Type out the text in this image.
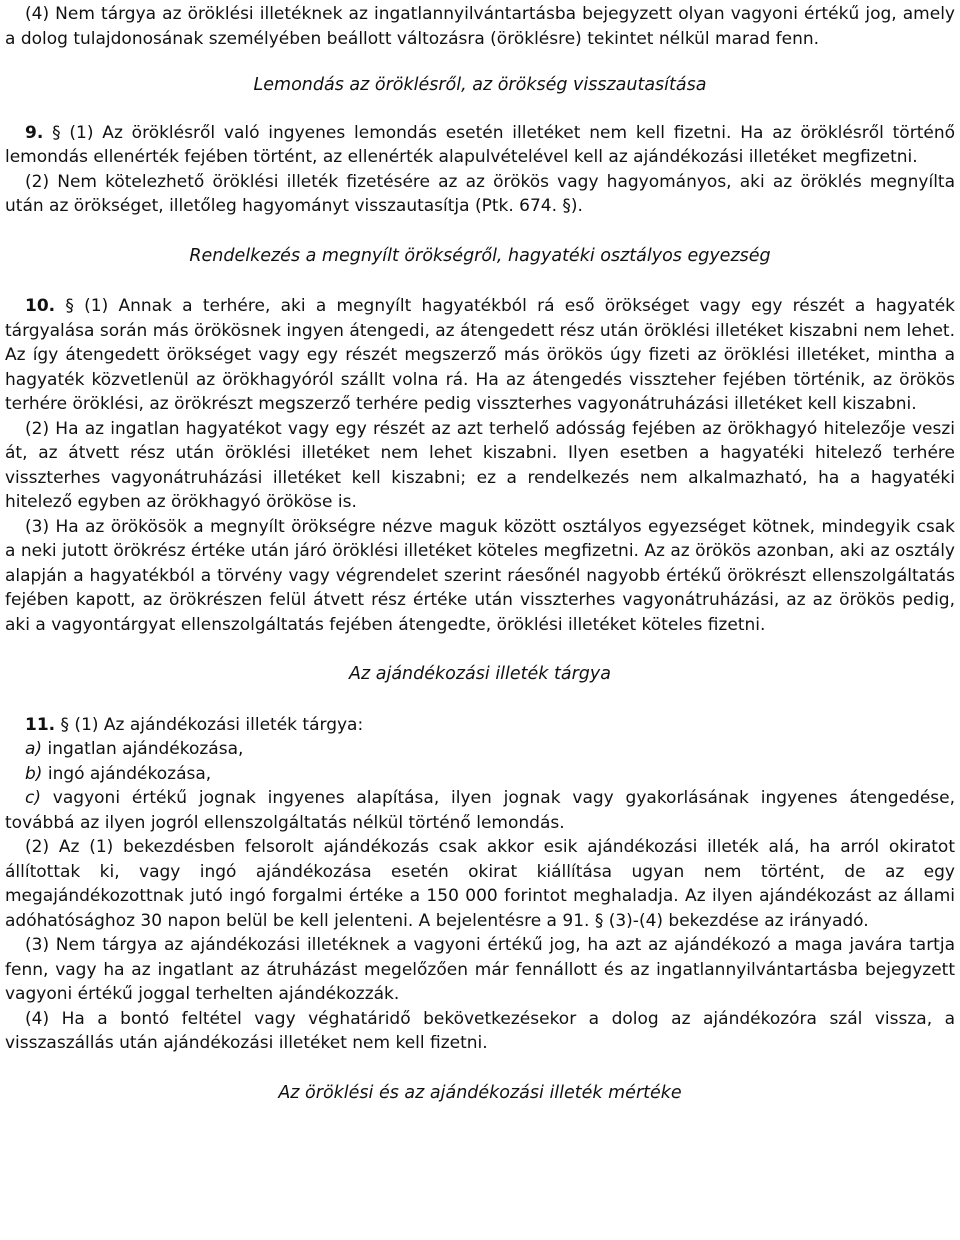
(4) Nem tárgya az öröklési illetéknek az ingatlannyilvántartásba bejegyzett olyan vagyoni értékű jog, amely a dolog tulajdonosának személyében beállott változásra (öröklésre) tekintet nélkül marad fenn.

Lemondás az öröklésről, az örökség visszautasítása

9. § (1) Az öröklésről való ingyenes lemondás esetén illetéket nem kell fizetni. Ha az öröklésről történő lemondás ellenérték fejében történt, az ellenérték alapulvételével kell az ajándékozási illetéket megfizetni.

(2) Nem kötelezhető öröklési illeték fizetésére az az örökös vagy hagyományos, aki az öröklés megnyílta után az örökséget, illetőleg hagyományt visszautasítja (Ptk. 674. §).

Rendelkezés a megnyílt örökségről, hagyatéki osztályos egyezség

10. § (1) Annak a terhére, aki a megnyílt hagyatékból rá eső örökséget vagy egy részét a hagyaték tárgyalása során más örökösnek ingyen átengedi, az átengedett rész után öröklési illetéket kiszabni nem lehet. Az így átengedett örökséget vagy egy részét megszerző más örökös úgy fizeti az öröklési illetéket, mintha a hagyaték közvetlenül az örökhagyóról szállt volna rá. Ha az átengedés visszteher fejében történik, az örökös terhére öröklési, az örökrészt megszerző terhére pedig visszterhes vagyonátruházási illetéket kell kiszabni.

(2) Ha az ingatlan hagyatékot vagy egy részét az azt terhelő adósság fejében az örökhagyó hitelezője veszi át, az átvett rész után öröklési illetéket nem lehet kiszabni. Ilyen esetben a hagyatéki hitelező terhére visszterhes vagyonátruházási illetéket kell kiszabni; ez a rendelkezés nem alkalmazható, ha a hagyatéki hitelező egyben az örökhagyó örököse is.

(3) Ha az örökösök a megnyílt örökségre nézve maguk között osztályos egyezséget kötnek, mindegyik csak a neki jutott örökrész értéke után járó öröklési illetéket köteles megfizetni. Az az örökös azonban, aki az osztály alapján a hagyatékból a törvény vagy végrendelet szerint ráesőnél nagyobb értékű örökrészt ellenszolgáltatás fejében kapott, az örökrészen felül átvett rész értéke után visszterhes vagyonátruházási, az az örökös pedig, aki a vagyontárgyat ellenszolgáltatás fejében átengedte, öröklési illetéket köteles fizetni.

Az ajándékozási illeték tárgya

11. § (1) Az ajándékozási illeték tárgya:

a) ingatlan ajándékozása,

b) ingó ajándékozása,

c) vagyoni értékű jognak ingyenes alapítása, ilyen jognak vagy gyakorlásának ingyenes átengedése, továbbá az ilyen jogról ellenszolgáltatás nélkül történő lemondás.

(2) Az (1) bekezdésben felsorolt ajándékozás csak akkor esik ajándékozási illeték alá, ha arról okiratot állítottak ki, vagy ingó ajándékozása esetén okirat kiállítása ugyan nem történt, de az egy megajándékozottnak jutó ingó forgalmi értéke a 150 000 forintot meghaladja. Az ilyen ajándékozást az állami adóhatósághoz 30 napon belül be kell jelenteni. A bejelentésre a 91. § (3)-(4) bekezdése az irányadó.

(3) Nem tárgya az ajándékozási illetéknek a vagyoni értékű jog, ha azt az ajándékozó a maga javára tartja fenn, vagy ha az ingatlant az átruházást megelőzően már fennállott és az ingatlannyilvántartásba bejegyzett vagyoni értékű joggal terhelten ajándékozzák.

(4) Ha a bontó feltétel vagy véghatáridő bekövetkezésekor a dolog az ajándékozóra szál vissza, a visszaszállás után ajándékozási illetéket nem kell fizetni.

Az öröklési és az ajándékozási illeték mértéke
